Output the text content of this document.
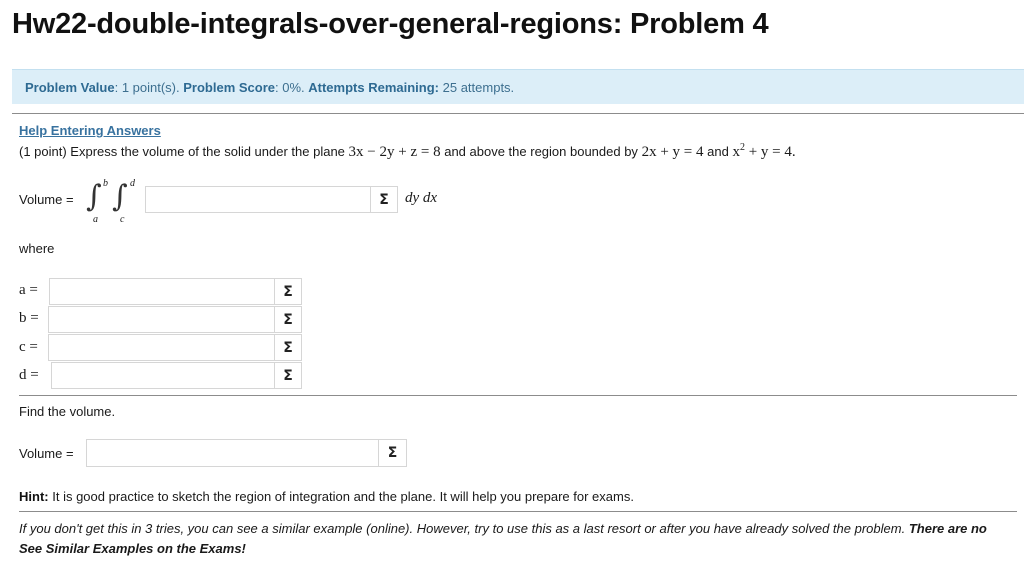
Hw22-double-integrals-over-general-regions: Problem 4
Problem Value: 1 point(s). Problem Score: 0%. Attempts Remaining: 25 attempts.
Help Entering Answers
(1 point) Express the volume of the solid under the plane 3x − 2y + z = 8 and above the region bounded by 2x + y = 4 and $x^2 + y = 4$.
Volume = ∫ b
a
∫ d
c
Σ	dy dx
where
a =	Σ
b =	Σ
c =	Σ
d =	Σ
Find the volume.
Volume =	Σ
Hint: It is good practice to sketch the region of integration and the plane. It will help you prepare for exams.
If you don't get this in 3 tries, you can see a similar example (online). However, try to use this as a last resort or after you have already solved the problem. There are no See Similar Examples on the Exams!
